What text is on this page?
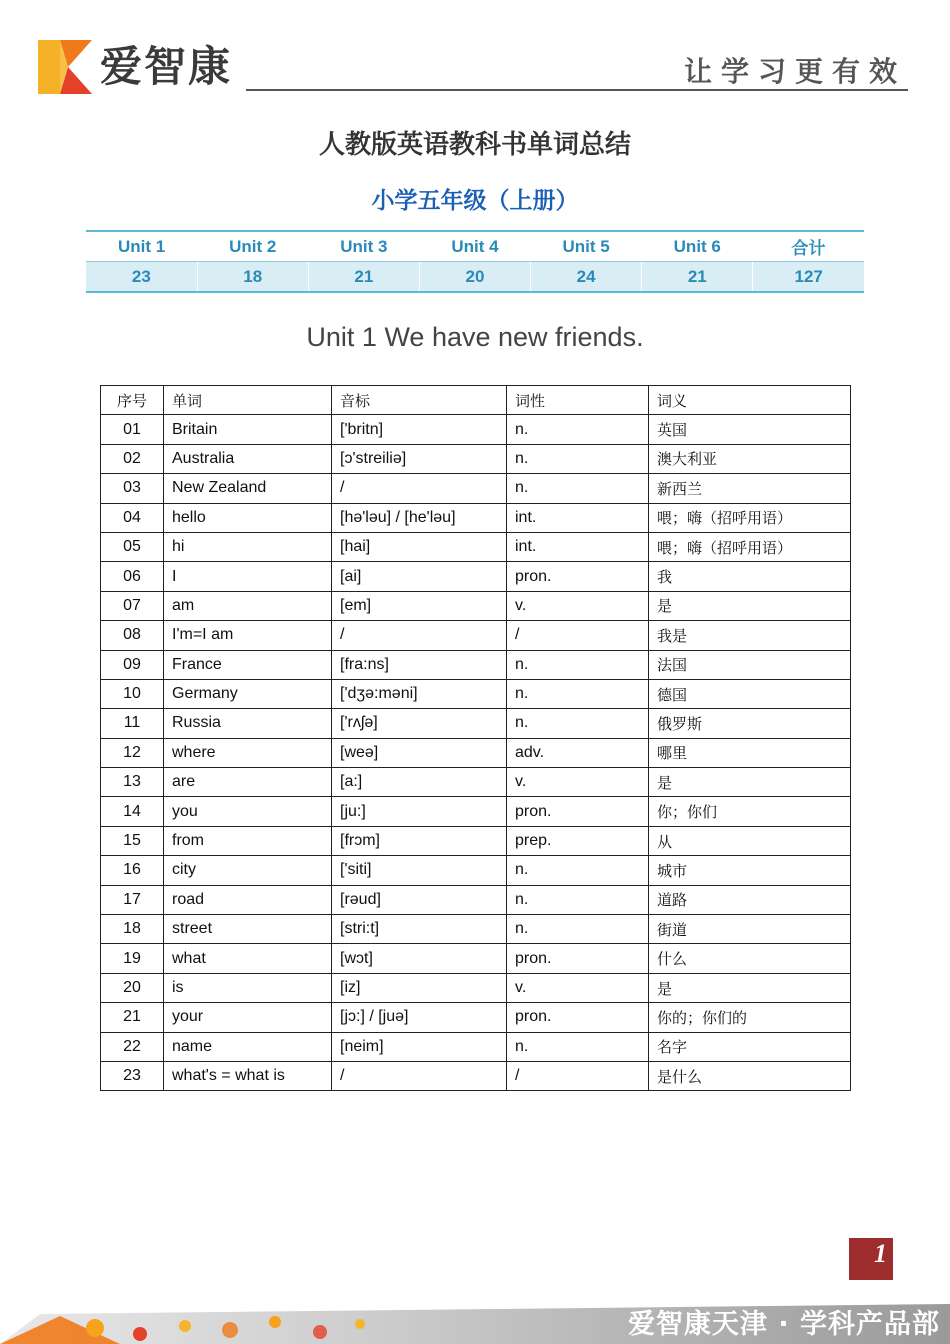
爱智康	让学习更有效
人教版英语教科书单词总结
小学五年级（上册）
Unit 1	Unit 2	Unit 3	Unit 4	Unit 5	Unit 6	合计
23	18	21	20	24	21	127
Unit 1 We have new friends.
序号	单词	音标	词性	词义
01	Britain	['britn]	n.	英国
02	Australia	[ɔ'streiliə]	n.	澳大利亚
03	New Zealand	/	n.	新西兰
04	hello	[hə'ləu] / [he'ləu]	int.	喂；嗨（招呼用语）
05	hi	[hai]	int.	喂；嗨（招呼用语）
06	I	[ai]	pron.	我
07	am	[em]	v.	是
08	I'm=I am	/	/	我是
09	France	[fra:ns]	n.	法国
10	Germany	['dʒə:məni]	n.	德国
11	Russia	['rʌʃə]	n.	俄罗斯
12	where	[weə]	adv.	哪里
13	are	[a:]	v.	是
14	you	[ju:]	pron.	你；你们
15	from	[frɔm]	prep.	从
16	city	['siti]	n.	城市
17	road	[rəud]	n.	道路
18	street	[stri:t]	n.	街道
19	what	[wɔt]	pron.	什么
20	is	[iz]	v.	是
21	your	[jɔ:] / [juə]	pron.	你的；你们的
22	name	[neim]	n.	名字
23	what's = what is	/	/	是什么
1
爱智康天津 · 学科产品部
